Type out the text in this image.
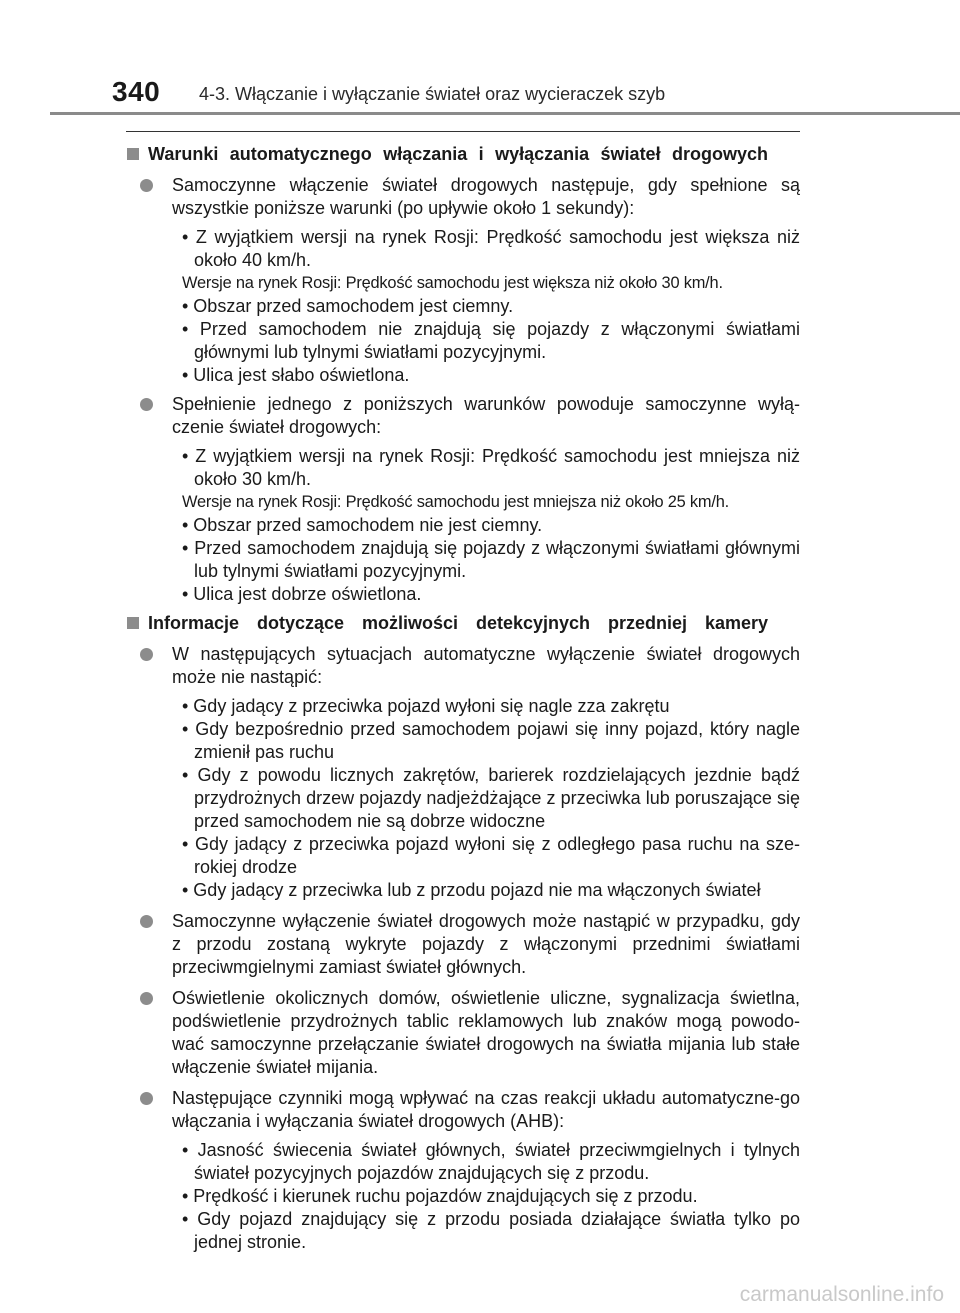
340 4-3. Włączanie i wyłączanie świateł oraz wycieraczek szyb
Warunki automatycznego włączania i wyłączania świateł drogowych
Samoczynne włączenie świateł drogowych następuje, gdy spełnione są wszystkie poniższe warunki (po upływie około 1 sekundy):
• Z wyjątkiem wersji na rynek Rosji: Prędkość samochodu jest większa niż około 40 km/h.
Wersje na rynek Rosji: Prędkość samochodu jest większa niż około 30 km/h.
• Obszar przed samochodem jest ciemny.
• Przed samochodem nie znajdują się pojazdy z włączonymi światłami głównymi lub tylnymi światłami pozycyjnymi.
• Ulica jest słabo oświetlona.
Spełnienie jednego z poniższych warunków powoduje samoczynne wyłą-czenie świateł drogowych:
• Z wyjątkiem wersji na rynek Rosji: Prędkość samochodu jest mniejsza niż około 30 km/h.
Wersje na rynek Rosji: Prędkość samochodu jest mniejsza niż około 25 km/h.
• Obszar przed samochodem nie jest ciemny.
• Przed samochodem znajdują się pojazdy z włączonymi światłami głównymi lub tylnymi światłami pozycyjnymi.
• Ulica jest dobrze oświetlona.
Informacje dotyczące możliwości detekcyjnych przedniej kamery
W następujących sytuacjach automatyczne wyłączenie świateł drogowych może nie nastąpić:
• Gdy jadący z przeciwka pojazd wyłoni się nagle zza zakrętu
• Gdy bezpośrednio przed samochodem pojawi się inny pojazd, który nagle zmienił pas ruchu
• Gdy z powodu licznych zakrętów, barierek rozdzielających jezdnie bądź przydrożnych drzew pojazdy nadjeżdżające z przeciwka lub poruszające się przed samochodem nie są dobrze widoczne
• Gdy jadący z przeciwka pojazd wyłoni się z odległego pasa ruchu na sze-rokiej drodze
• Gdy jadący z przeciwka lub z przodu pojazd nie ma włączonych świateł
Samoczynne wyłączenie świateł drogowych może nastąpić w przypadku, gdy z przodu zostaną wykryte pojazdy z włączonymi przednimi światłami przeciwmgielnymi zamiast świateł głównych.
Oświetlenie okolicznych domów, oświetlenie uliczne, sygnalizacja świetlna, podświetlenie przydrożnych tablic reklamowych lub znaków mogą powodo-wać samoczynne przełączanie świateł drogowych na światła mijania lub stałe włączenie świateł mijania.
Następujące czynniki mogą wpływać na czas reakcji układu automatyczne-go włączania i wyłączania świateł drogowych (AHB):
• Jasność świecenia świateł głównych, świateł przeciwmgielnych i tylnych świateł pozycyjnych pojazdów znajdujących się z przodu.
• Prędkość i kierunek ruchu pojazdów znajdujących się z przodu.
• Gdy pojazd znajdujący się z przodu posiada działające światła tylko po jednej stronie.
carmanualsonline.info
